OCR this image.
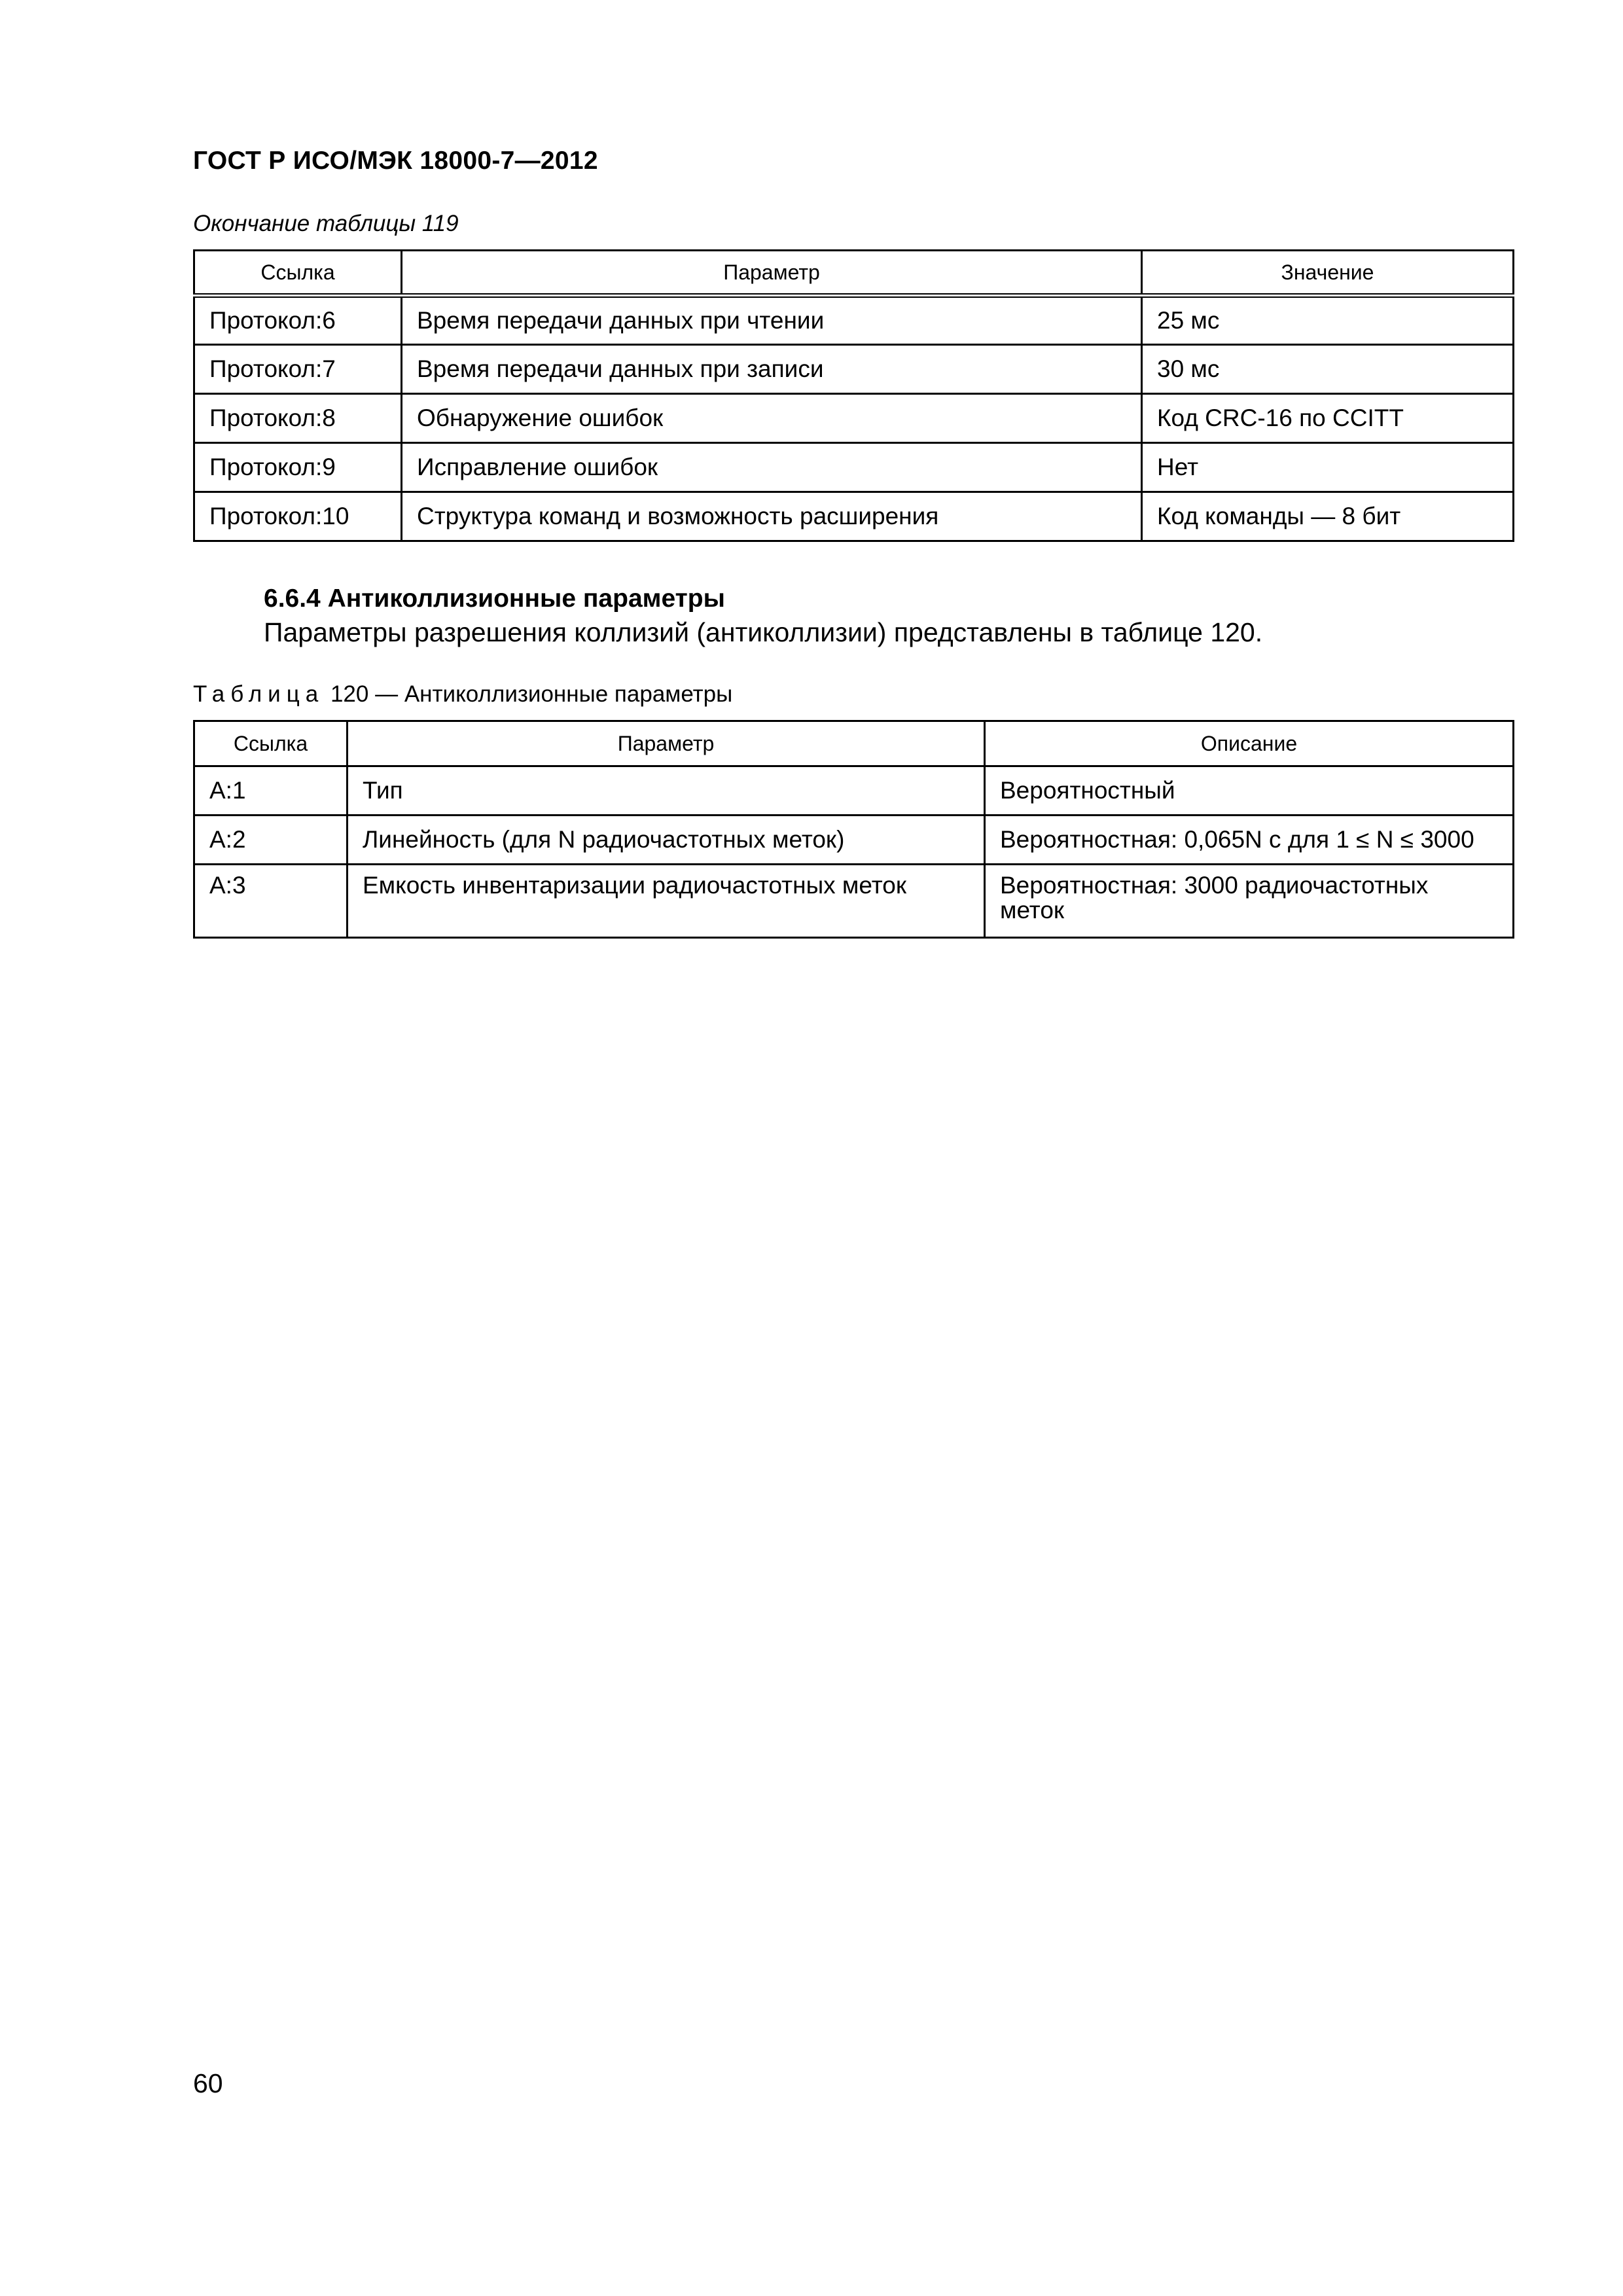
ГОСТ Р ИСО/МЭК 18000-7—2012
Окончание таблицы 119
Ссылка	Параметр	Значение
Протокол:6	Время передачи данных при чтении	25 мс
Протокол:7	Время передачи данных при записи	30 мс
Протокол:8	Обнаружение ошибок	Код CRC-16 по CCITT
Протокол:9	Исправление ошибок	Нет
Протокол:10	Структура команд и возможность расширения	Код команды — 8 бит
6.6.4 Антиколлизионные параметры
Параметры разрешения коллизий (антиколлизии) представлены в таблице 120.
Таблица 120 — Антиколлизионные параметры
Ссылка	Параметр	Описание
A:1	Тип	Вероятностный
A:2	Линейность (для N радиочастотных меток)	Вероятностная: 0,065N с для 1 ≤ N ≤ 3000
A:3	Емкость инвентаризации радиочастотных меток	Вероятностная: 3000 радиочастотных меток
60
